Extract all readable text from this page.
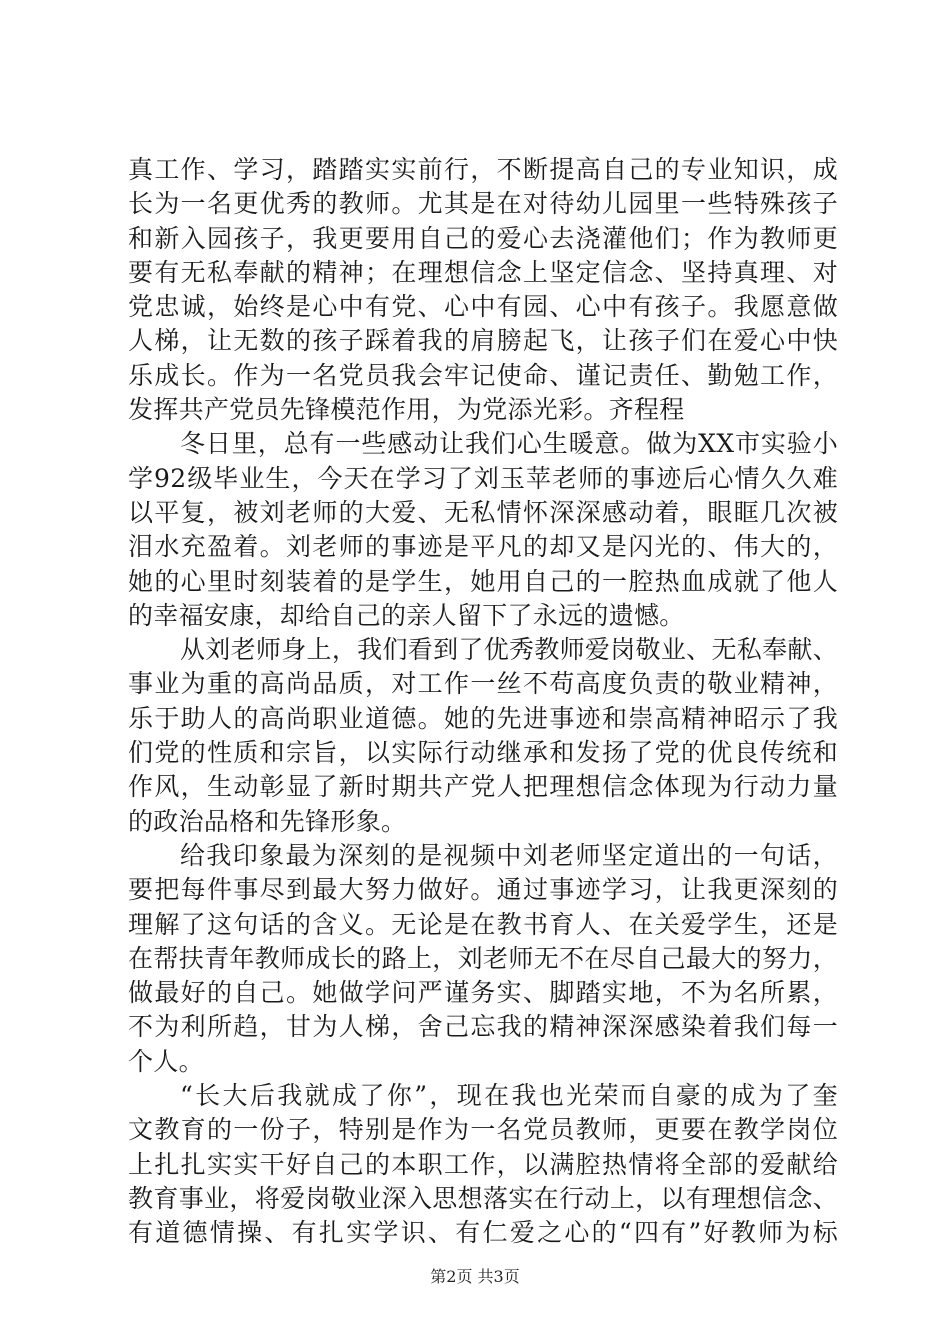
真工作、学习，踏踏实实前行，不断提高自己的专业知识，成
长为一名更优秀的教师。尤其是在对待幼儿园里一些特殊孩子
和新入园孩子，我更要用自己的爱心去浇灌他们；作为教师更
要有无私奉献的精神；在理想信念上坚定信念、坚持真理、对
党忠诚，始终是心中有党、心中有园、心中有孩子。我愿意做
人梯，让无数的孩子踩着我的肩膀起飞，让孩子们在爱心中快
乐成长。作为一名党员我会牢记使命、谨记责任、勤勉工作，
发挥共产党员先锋模范作用，为党添光彩。齐程程
冬日里，总有一些感动让我们心生暖意。做为XX市实验小
学92级毕业生，今天在学习了刘玉苹老师的事迹后心情久久难
以平复，被刘老师的大爱、无私情怀深深感动着，眼眶几次被
泪水充盈着。刘老师的事迹是平凡的却又是闪光的、伟大的，
她的心里时刻装着的是学生，她用自己的一腔热血成就了他人
的幸福安康，却给自己的亲人留下了永远的遗憾。
从刘老师身上，我们看到了优秀教师爱岗敬业、无私奉献、
事业为重的高尚品质，对工作一丝不苟高度负责的敬业精神，
乐于助人的高尚职业道德。她的先进事迹和崇高精神昭示了我
们党的性质和宗旨，以实际行动继承和发扬了党的优良传统和
作风，生动彰显了新时期共产党人把理想信念体现为行动力量
的政治品格和先锋形象。
给我印象最为深刻的是视频中刘老师坚定道出的一句话，
要把每件事尽到最大努力做好。通过事迹学习，让我更深刻的
理解了这句话的含义。无论是在教书育人、在关爱学生，还是
在帮扶青年教师成长的路上，刘老师无不在尽自己最大的努力，
做最好的自己。她做学问严谨务实、脚踏实地，不为名所累，
不为利所趋，甘为人梯，舍己忘我的精神深深感染着我们每一
个人。
“长大后我就成了你”，现在我也光荣而自豪的成为了奎
文教育的一份子，特别是作为一名党员教师，更要在教学岗位
上扎扎实实干好自己的本职工作，以满腔热情将全部的爱献给
教育事业，将爱岗敬业深入思想落实在行动上，以有理想信念、
有道德情操、有扎实学识、有仁爱之心的“四有”好教师为标
第2页 共3页
